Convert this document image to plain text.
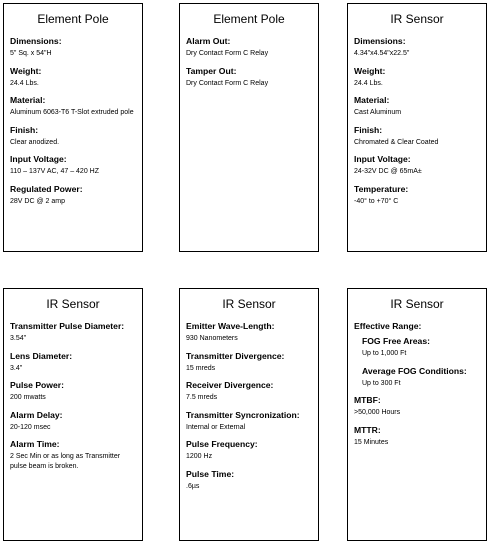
Element Pole
Dimensions:
5" Sq. x 54"H
Weight:
24.4 Lbs.
Material:
Aluminum 6063-T6 T-Slot extruded pole
Finish:
Clear anodized.
Input Voltage:
110 – 137V AC, 47 – 420 HZ
Regulated Power:
28V DC @ 2 amp
Element Pole
Alarm Out:
Dry Contact Form C Relay
Tamper Out:
Dry Contact Form C Relay
IR Sensor
Dimensions:
4.34"x4.54"x22.5"
Weight:
24.4 Lbs.
Material:
Cast Aluminum
Finish:
Chromated & Clear Coated
Input Voltage:
24-32V DC @ 65mA±
Temperature:
-40° to +70° C
IR Sensor
Transmitter Pulse Diameter:
3.54"
Lens Diameter:
3.4"
Pulse Power:
200 mwatts
Alarm Delay:
20-120 msec
Alarm Time:
2 Sec Min or as long as Transmitter pulse beam is broken.
IR Sensor
Emitter Wave-Length:
930 Nanometers
Transmitter Divergence:
15 mreds
Receiver Divergence:
7.5 mreds
Transmitter Syncronization:
Internal or External
Pulse Frequency:
1200 Hz
Pulse Time:
.6µs
IR Sensor
Effective Range:
FOG Free Areas:
Up to 1,000 Ft
Average FOG Conditions:
Up to 300 Ft
MTBF:
>50,000 Hours
MTTR:
15 Minutes
